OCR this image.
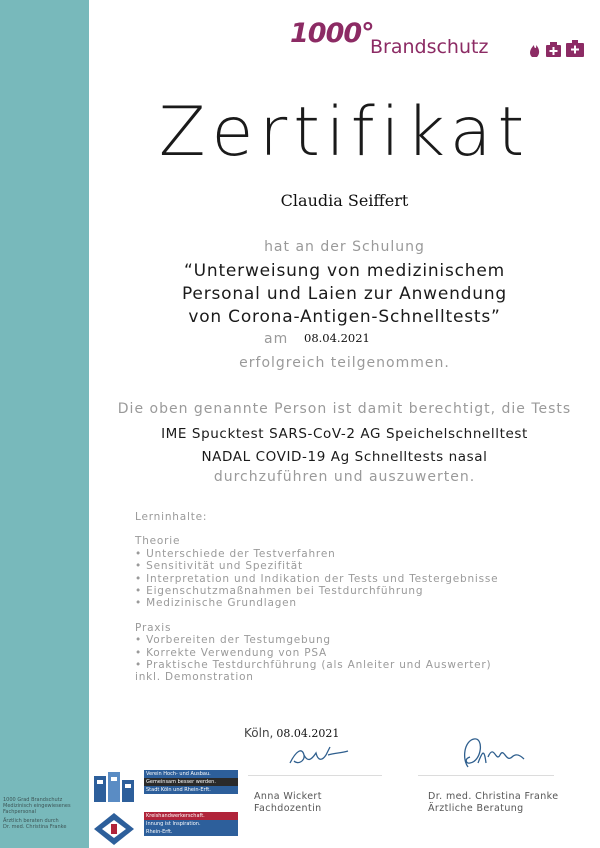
1000°
Brandschutz
Zertifikat
Claudia Seiffert
hat an der Schulung
“Unterweisung von medizinischem
Personal und Laien zur Anwendung
von Corona-Antigen-Schnelltests”
am 08.04.2021
erfolgreich teilgenommen.
Die oben genannte Person ist damit berechtigt, die Tests
IME Spucktest SARS-CoV-2 AG Speichelschnelltest
NADAL COVID-19 Ag Schnelltests nasal
durchzuführen und auszuwerten.
Lerninhalte:
Theorie
• Unterschiede der Testverfahren
• Sensitivität und Spezifität
• Interpretation und Indikation der Tests und Testergebnisse
• Eigenschutzmaßnahmen bei Testdurchführung
• Medizinische Grundlagen
Praxis
• Vorbereiten der Testumgebung
• Korrekte Verwendung von PSA
• Praktische Testdurchführung (als Anleiter und Auswerter)
inkl. Demonstration
Köln, 08.04.2021
Anna Wickert
Fachdozentin
Dr. med. Christina Franke
Ärztliche Beratung
1000 Grad Brandschutz
Medizinisch eingewiesenes
Fachpersonal
Ärztlich beraten durch
Dr. med. Christina Franke
Verein Hoch- und Ausbau.
Gemeinsam besser werden.
Stadt Köln und Rhein-Erft.
Kreishandwerkerschaft.
Innung ist Inspiration.
Rhein-Erft.
